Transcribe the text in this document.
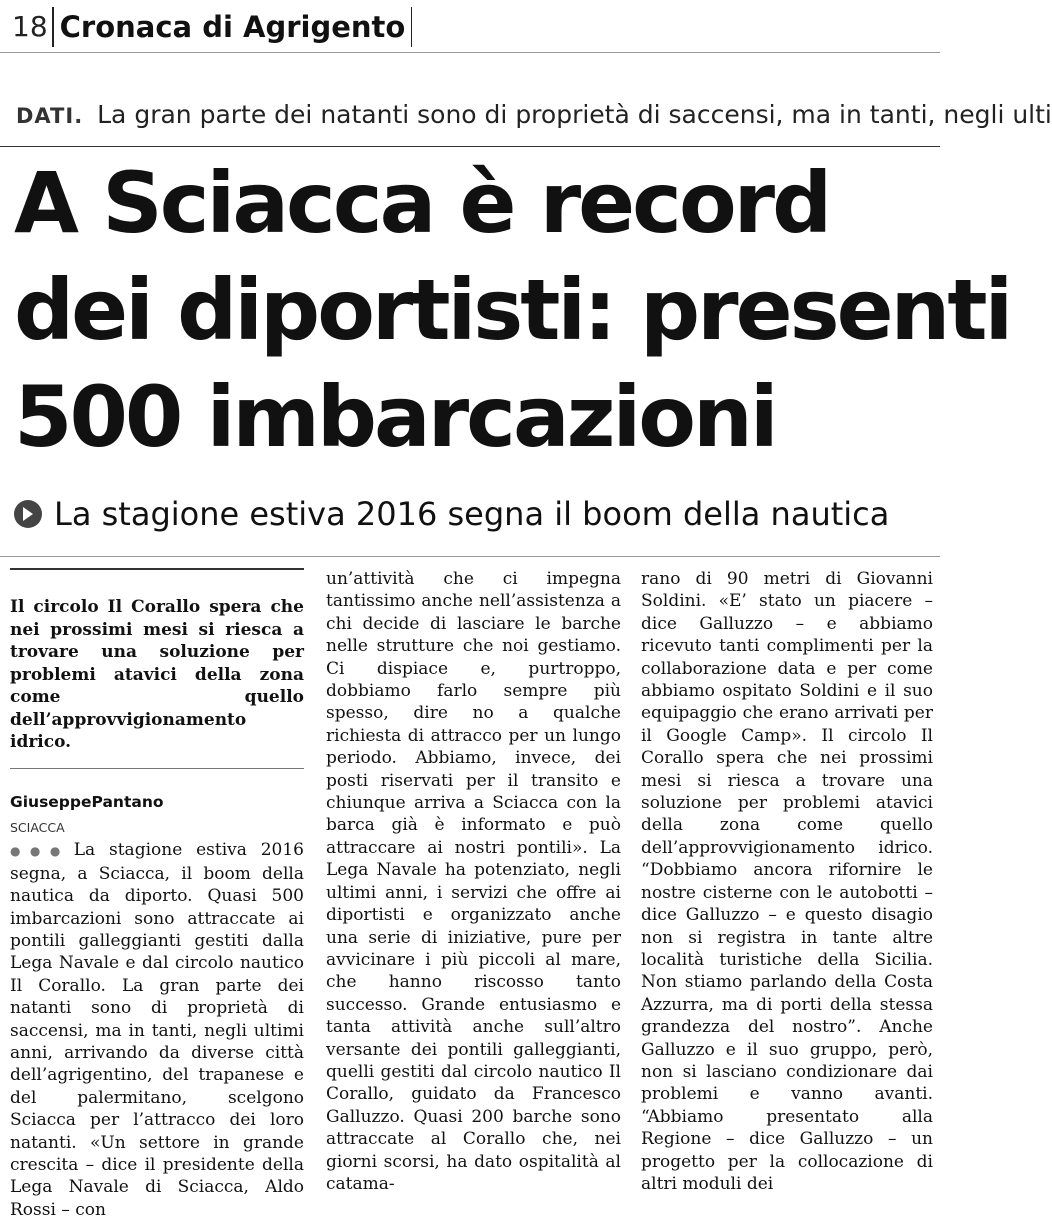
18 Cronaca di Agrigento
DATI. La gran parte dei natanti sono di proprietà di saccensi, ma in tanti, negli ulti
A Sciacca è record
dei diportisti: presenti
500 imbarcazioni
La stagione estiva 2016 segna il boom della nautica

Il circolo Il Corallo spera che nei prossimi mesi si riesca a trovare una soluzione per problemi atavici della zona come quello dell’approvvigionamento idrico.

GiuseppePantano
SCIACCA

●●● La stagione estiva 2016 segna, a Sciacca, il boom della nautica da diporto. Quasi 500 imbarcazioni sono attraccate ai pontili galleggianti gestiti dalla Lega Navale e dal circolo nautico Il Corallo. La gran parte dei natanti sono di proprietà di saccensi, ma in tanti, negli ultimi anni, arrivando da diverse città dell’agrigentino, del trapanese e del palermitano, scelgono Sciacca per l’attracco dei loro natanti. «Un settore in grande crescita – dice il presidente della Lega Navale di Sciacca, Aldo Rossi – con

un’attività che ci impegna tantissimo anche nell’assistenza a chi decide di lasciare le barche nelle strutture che noi gestiamo. Ci dispiace e, purtroppo, dobbiamo farlo sempre più spesso, dire no a qualche richiesta di attracco per un lungo periodo. Abbiamo, invece, dei posti riservati per il transito e chiunque arriva a Sciacca con la barca già è informato e può attraccare ai nostri pontili». La Lega Navale ha potenziato, negli ultimi anni, i servizi che offre ai diportisti e organizzato anche una serie di iniziative, pure per avvicinare i più piccoli al mare, che hanno riscosso tanto successo. Grande entusiasmo e tanta attività anche sull’altro versante dei pontili galleggianti, quelli gestiti dal circolo nautico Il Corallo, guidato da Francesco Galluzzo. Quasi 200 barche sono attraccate al Corallo che, nei giorni scorsi, ha dato ospitalità al catama-

rano di 90 metri di Giovanni Soldini. «E’ stato un piacere – dice Galluzzo – e abbiamo ricevuto tanti complimenti per la collaborazione data e per come abbiamo ospitato Soldini e il suo equipaggio che erano arrivati per il Google Camp». Il circolo Il Corallo spera che nei prossimi mesi si riesca a trovare una soluzione per problemi atavici della zona come quello dell’approvvigionamento idrico. “Dobbiamo ancora rifornire le nostre cisterne con le autobotti – dice Galluzzo – e questo disagio non si registra in tante altre località turistiche della Sicilia. Non stiamo parlando della Costa Azzurra, ma di porti della stessa grandezza del nostro”. Anche Galluzzo e il suo gruppo, però, non si lasciano condizionare dai problemi e vanno avanti. “Abbiamo presentato alla Regione – dice Galluzzo – un progetto per la collocazione di altri moduli dei
